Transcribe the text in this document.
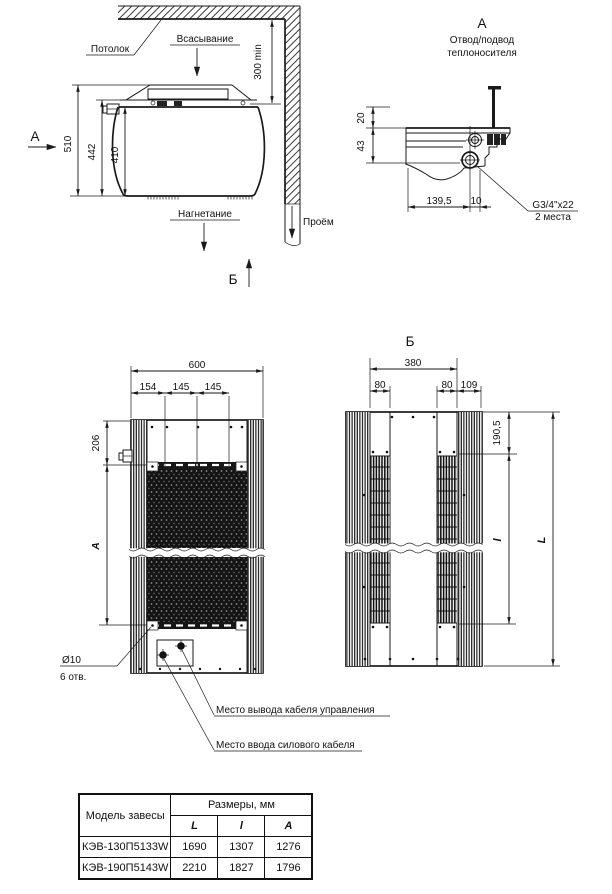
Проём
Потолок
Всасывание
300 min
510 442 410
А
Нагнетание
Б
А
Отвод/подвод
теплоносителя
20
43
139,5 10	G3/4"x22
2 места
600
154 145 145
206
А
Ø10
6 отв.
Место вывода кабеля управления
Место ввода силового кабеля
Б
380
80	80 109
190,5
l	L
Модель завесы	Размеры, мм		
	L	l	А
КЭВ-130П5133W	1690	1307	1276
КЭВ-190П5143W	2210	1827	1796
